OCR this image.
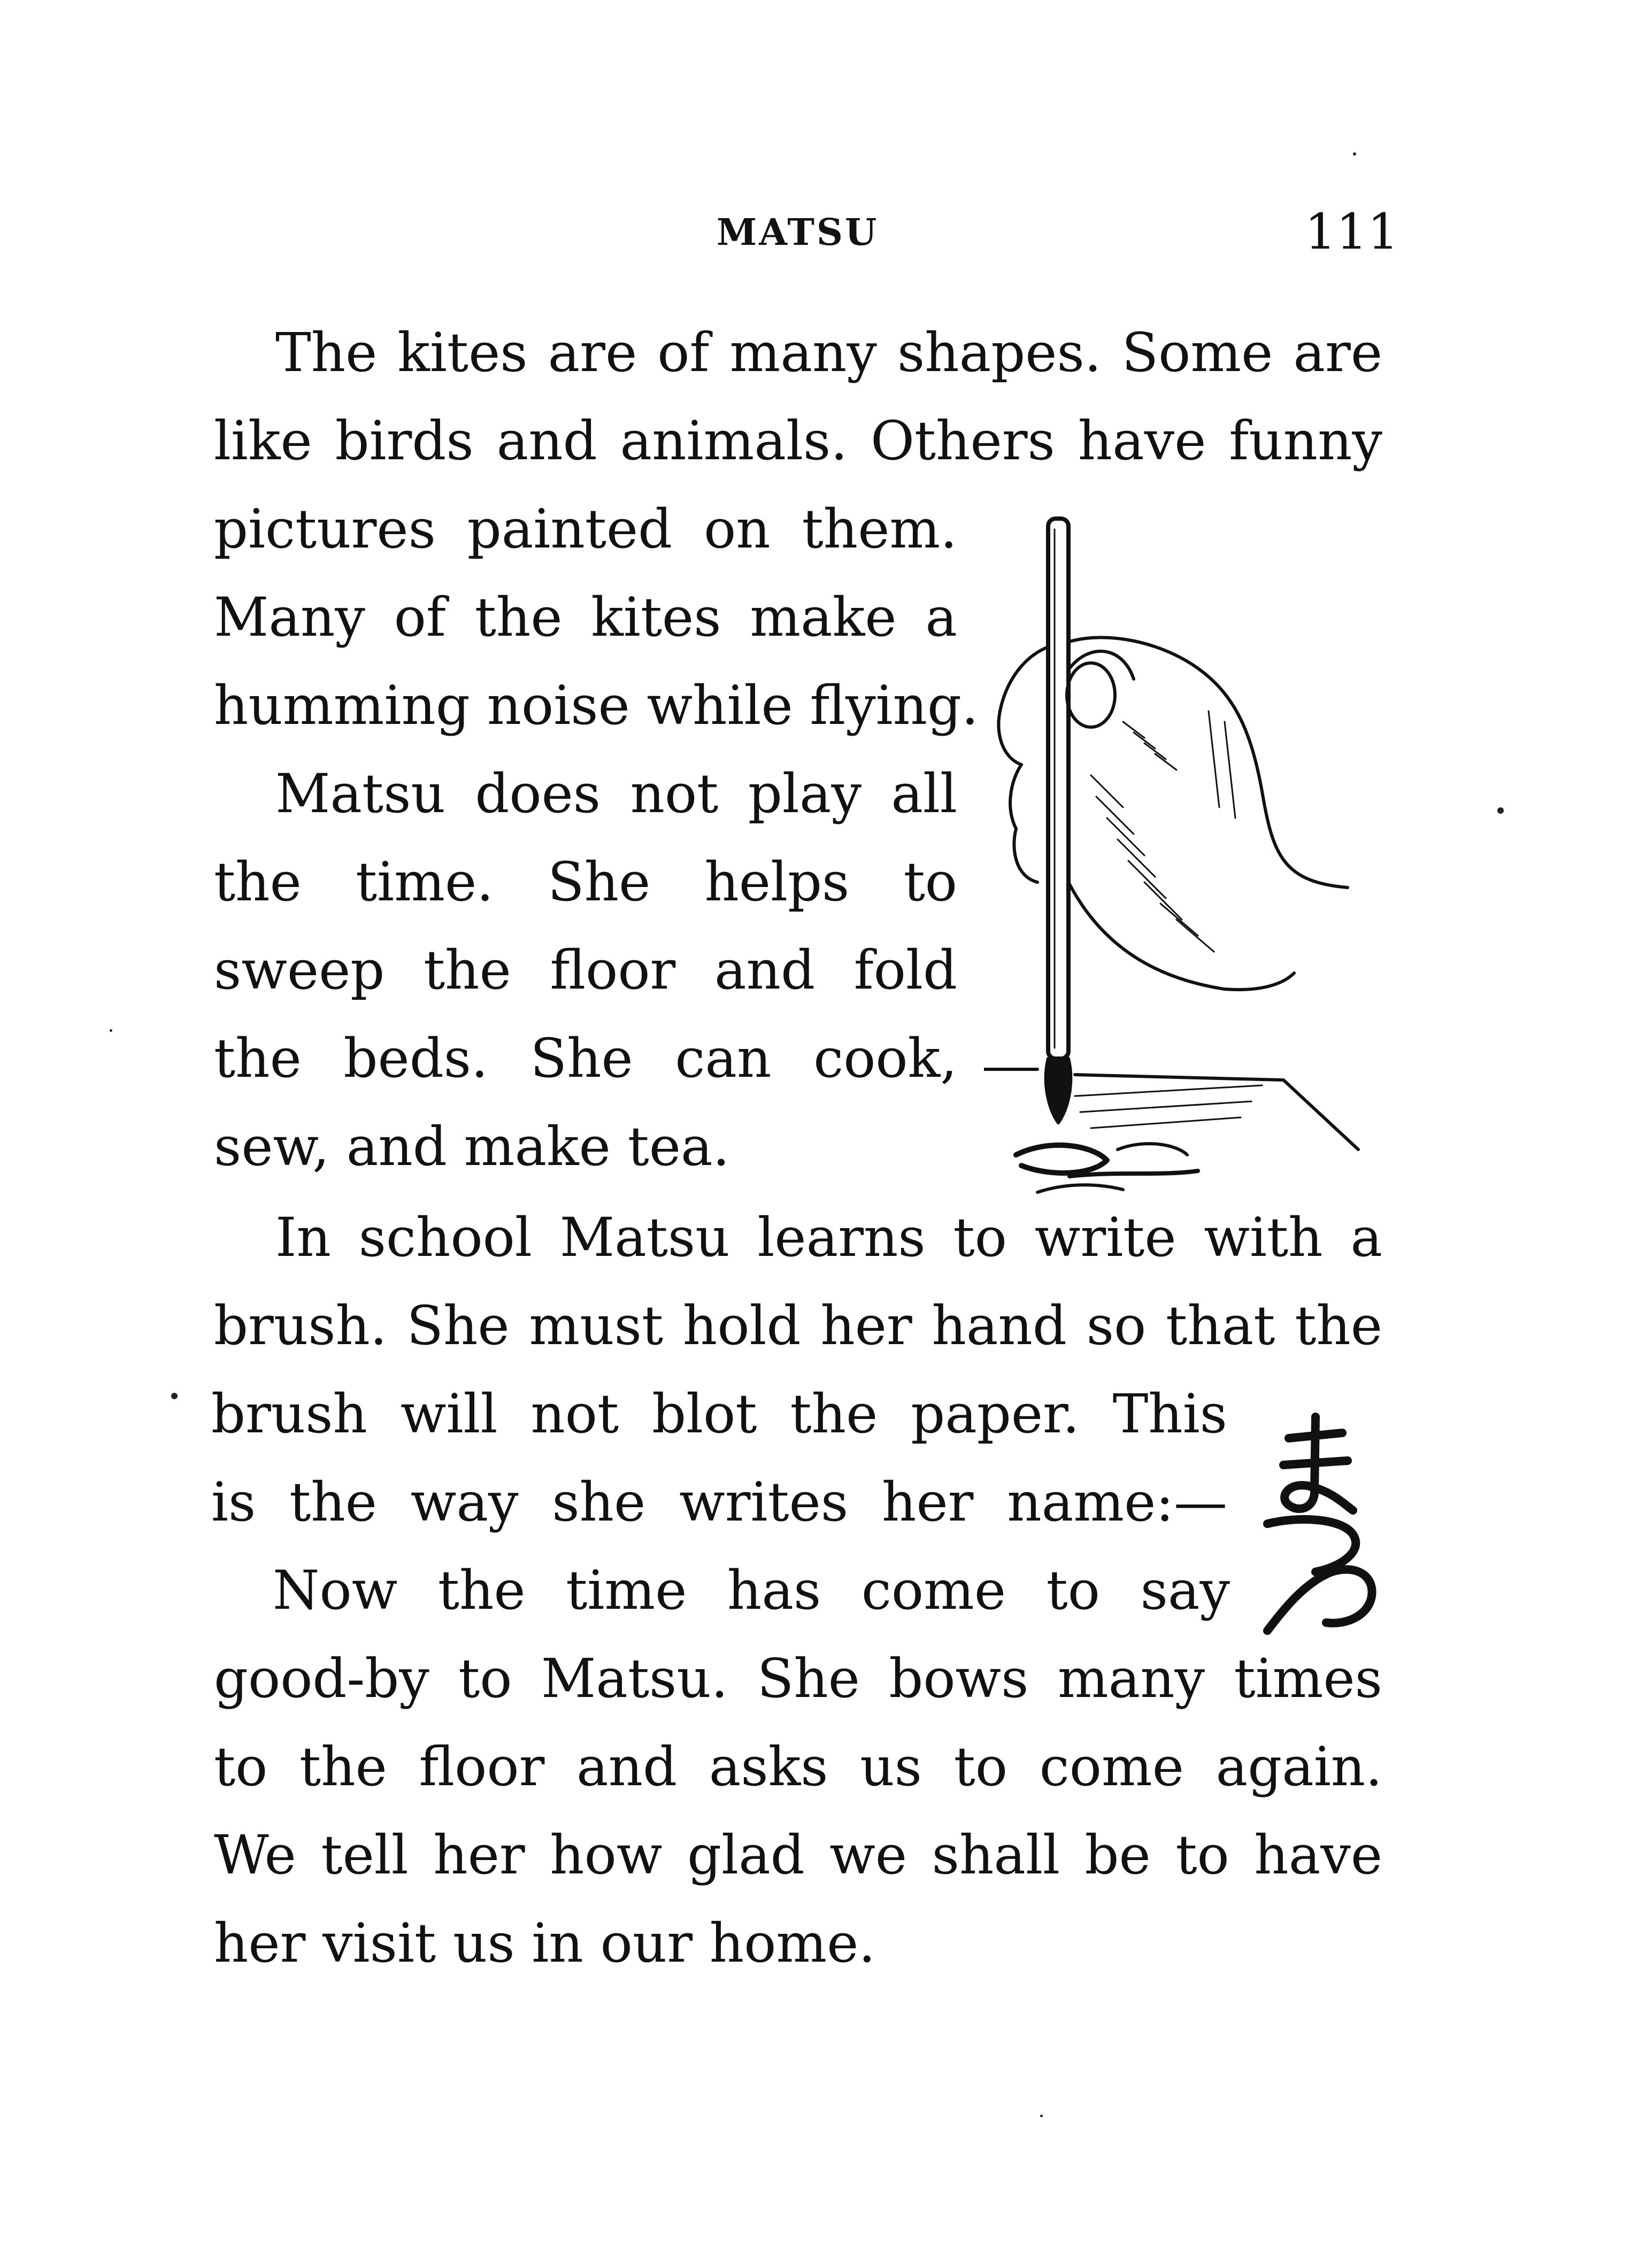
MATSU	111
The kites are of many shapes. Some are
like birds and animals. Others have funny
pictures painted on them.
Many of the kites make a
humming noise while flying.
Matsu does not play all
the time. She helps to
sweep the floor and fold
the beds. She can cook,
sew, and make tea.
In school Matsu learns to write with a
brush. She must hold her hand so that the
brush will not blot the paper. This
is the way she writes her name:—
Now the time has come to say
good-by to Matsu. She bows many times
to the floor and asks us to come again.
We tell her how glad we shall be to have
her visit us in our home.
